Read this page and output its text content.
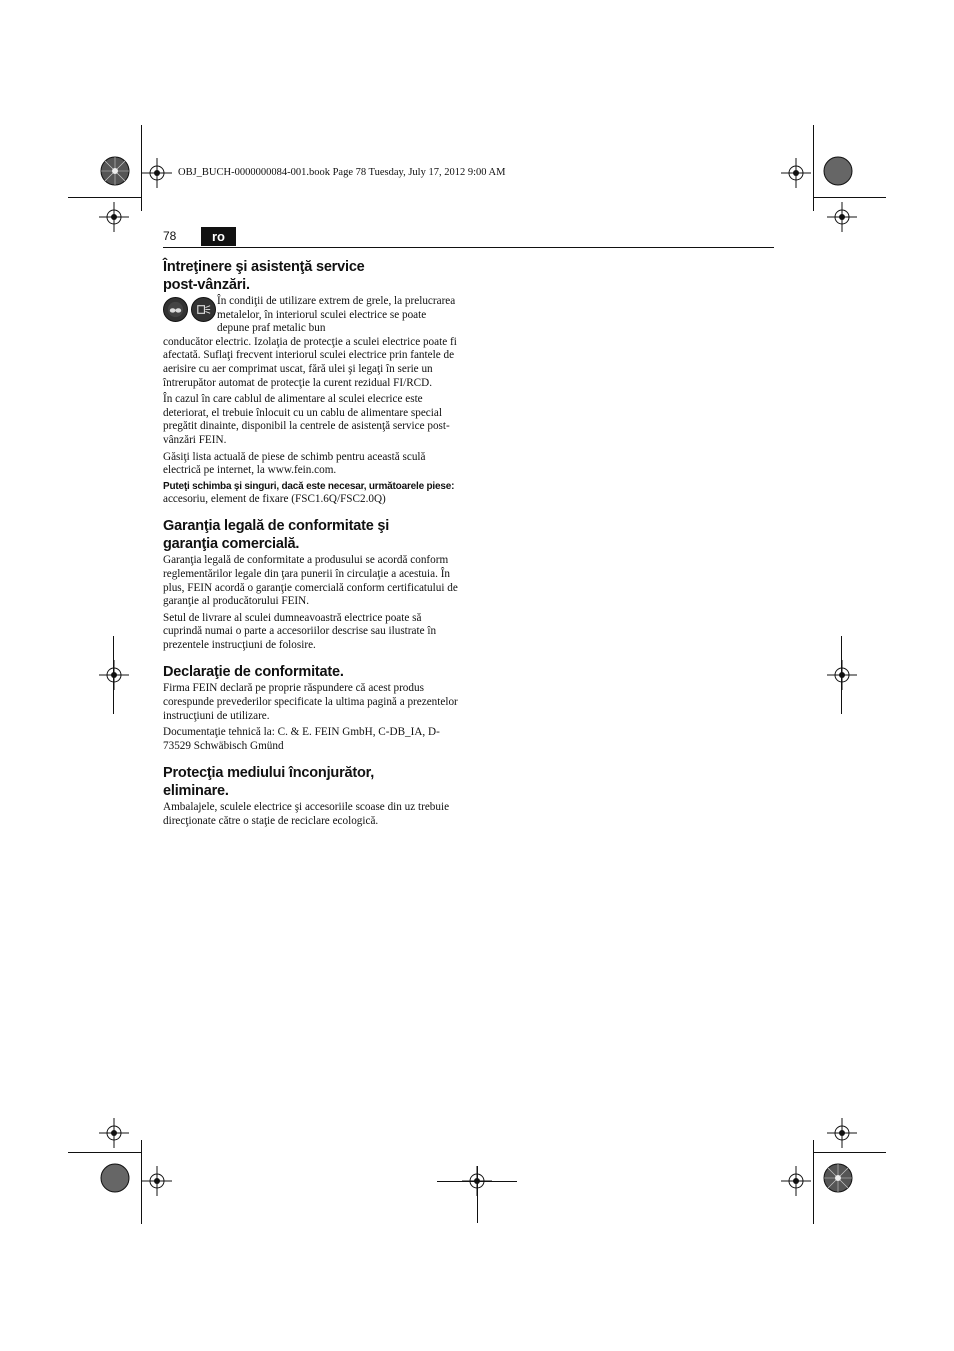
OBJ_BUCH-0000000084-001.book Page 78 Tuesday, July 17, 2012 9:00 AM
78	ro
Întreţinere şi asistenţă service
post-vânzări.

În condiţii de utilizare extrem de grele, la prelucrarea metalelor, în interiorul sculei electrice se poate depune praf metalic bun

conducător electric. Izolaţia de protecţie a sculei electrice poate fi afectată. Suflaţi frecvent interiorul sculei electrice prin fantele de aerisire cu aer comprimat uscat, fără ulei şi legaţi în serie un întrerupător automat de protecţie la curent rezidual FI/RCD.

În cazul în care cablul de alimentare al sculei elecrice este deteriorat, el trebuie înlocuit cu un cablu de alimentare special pregătit dinainte, disponibil la centrele de asistenţă service post-vânzări FEIN.

Găsiţi lista actuală de piese de schimb pentru această sculă electrică pe internet, la www.fein.com.

Puteţi schimba şi singuri, dacă este necesar, următoarele piese:

accesoriu, element de fixare (FSC1.6Q/FSC2.0Q)

Garanţia legală de conformitate şi
garanţia comercială.

Garanţia legală de conformitate a produsului se acordă conform reglementărilor legale din ţara punerii în circulaţie a acestuia. În plus, FEIN acordă o garanţie comercială conform certificatului de garanţie al producătorului FEIN.

Setul de livrare al sculei dumneavoastră electrice poate să cuprindă numai o parte a accesoriilor descrise sau ilustrate în prezentele instrucţiuni de folosire.

Declaraţie de conformitate.

Firma FEIN declară pe proprie răspundere că acest produs corespunde prevederilor specificate la ultima pagină a prezentelor instrucţiuni de utilizare.

Documentaţie tehnică la: C. & E. FEIN GmbH, C-DB_IA, D-73529 Schwäbisch Gmünd

Protecţia mediului înconjurător,
eliminare.

Ambalajele, sculele electrice şi accesoriile scoase din uz trebuie direcţionate către o staţie de reciclare ecologică.
